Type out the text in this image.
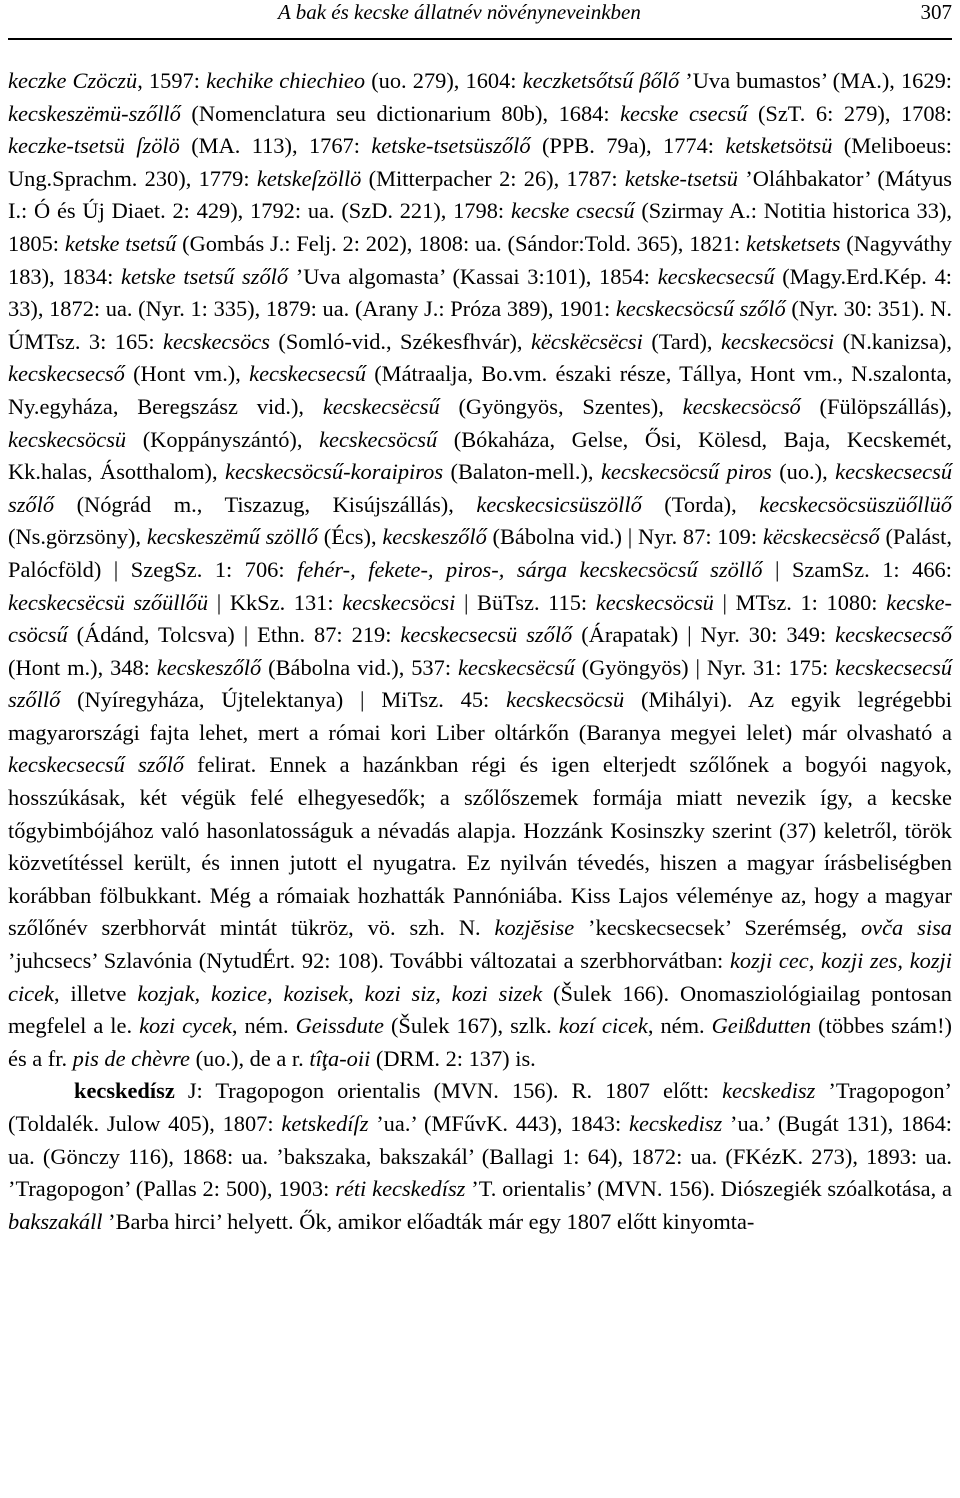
A bak és kecske állatnév növényneveinkben	307

keczke Czöczü, 1597: kechike chiechieo (uo. 279), 1604: keczketsőtsű βőlő ’Uva bumastos’ (MA.), 1629: kecskeszëmü-szőllő (Nomenclatura seu dictionarium 80b), 1684: kecske csecsű (SzT. 6: 279), 1708: keczke-tsetsü ſzölö (MA. 113), 1767: ketske-tsetsüszőlő (PPB. 79a), 1774: ketsketsötsü (Meliboeus: Ung.Sprachm. 230), 1779: ketskeſzöllö (Mitterpacher 2: 26), 1787: ketske-tsetsü ’Oláhbakator’ (Mátyus I.: Ó és Új Diaet. 2: 429), 1792: ua. (SzD. 221), 1798: kecske csecsű (Szirmay A.: Notitia historica 33), 1805: ketske tsetsű (Gombás J.: Felj. 2: 202), 1808: ua. (Sándor:Told. 365), 1821: ketsketsets (Nagyváthy 183), 1834: ketske tsetsű szőlő ’Uva algomasta’ (Kassai 3:101), 1854: kecskecsecsű (Magy.Erd.Kép. 4: 33), 1872: ua. (Nyr. 1: 335), 1879: ua. (Arany J.: Próza 389), 1901: kecskecsöcsű szőlő (Nyr. 30: 351). N. ÚMTsz. 3: 165: kecskecsöcs (Somló-vid., Székesfhvár), këcskëcsëcsi (Tard), kecskecsöcsi (N.kanizsa), kecskecsecső (Hont vm.), kecskecsecsű (Mátraalja, Bo.vm. északi része, Tállya, Hont vm., N.szalonta, Ny.egyháza, Beregszász vid.), kecskecsëcsű (Gyöngyös, Szentes), kecskecsöcső (Fülöpszállás), kecskecsöcsü (Koppányszántó), kecskecsöcsű (Bókaháza, Gelse, Ősi, Kölesd, Baja, Kecskemét, Kk.halas, Ásotthalom), kecskecsöcsű-koraipiros (Balaton-mell.), kecskecsöcsű piros (uo.), kecskecsecsű szőlő (Nógrád m., Tiszazug, Kisújszállás), kecskecsicsüszöllő (Torda), kecskecsöcsüszüőllüő (Ns.görzsöny), kecskeszëmű szöllő (Écs), kecskeszőlő (Bábolna vid.) | Nyr. 87: 109: këcskecsëcső (Palást, Palócföld) | SzegSz. 1: 706: fehér-, fekete-, piros-, sárga kecskecsöcsű szöllő | SzamSz. 1: 466: kecskecsëcsü szőüllőü | KkSz. 131: kecskecsöcsi | BüTsz. 115: kecskecsöcsü | MTsz. 1: 1080: kecske-csöcsű (Ádánd, Tolcsva) | Ethn. 87: 219: kecskecsecsü szőlő (Árapatak) | Nyr. 30: 349: kecskecsecső (Hont m.), 348: kecskeszőlő (Bábolna vid.), 537: kecskecsëcsű (Gyöngyös) | Nyr. 31: 175: kecskecsecsű szőllő (Nyíregyháza, Újtelektanya) | MiTsz. 45: kecskecsöcsü (Mihályi). Az egyik legrégebbi magyarországi fajta lehet, mert a római kori Liber oltárkőn (Baranya megyei lelet) már olvasható a kecskecsecsű szőlő felirat. Ennek a hazánkban régi és igen elterjedt szőlőnek a bogyói nagyok, hosszúkásak, két végük felé elhegyesedők; a szőlőszemek formája miatt nevezik így, a kecske tőgybimbójához való hasonlatosságuk a névadás alapja. Hozzánk Kosinszky szerint (37) keletről, török közvetítéssel került, és innen jutott el nyugatra. Ez nyilván tévedés, hiszen a magyar írásbeliségben korábban fölbukkant. Még a rómaiak hozhatták Pannóniába. Kiss Lajos véleménye az, hogy a magyar szőlőnév szerbhorvát mintát tükröz, vö. szh. N. kozjĕsise ’kecskecsecsek’ Szerémség, ovča sisa ’juhcsecs’ Szlavónia (NytudÉrt. 92: 108). További változatai a szerbhorvátban: kozji cec, kozji zes, kozji cicek, illetve kozjak, kozice, kozisek, kozi siz, kozi sizek (Šulek 166). Onomasziológiailag pontosan megfelel a le. kozi cycek, ném. Geissdute (Šulek 167), szlk. kozí cicek, ném. Geißdutten (többes szám!) és a fr. pis de chèvre (uo.), de a r. tîţa-oii (DRM. 2: 137) is.

kecskedísz J: Tragopogon orientalis (MVN. 156). R. 1807 előtt: kecskedisz ’Tragopogon’ (Toldalék. Julow 405), 1807: ketskedíſz ’ua.’ (MFűvK. 443), 1843: kecskedisz ’ua.’ (Bugát 131), 1864: ua. (Gönczy 116), 1868: ua. ’bakszaka, bakszakál’ (Ballagi 1: 64), 1872: ua. (FKézK. 273), 1893: ua. ’Tragopogon’ (Pallas 2: 500), 1903: réti kecskedísz ’T. orientalis’ (MVN. 156). Diószegiék szóalkotása, a bakszakáll ’Barba hirci’ helyett. Ők, amikor előadták már egy 1807 előtt kinyomta-
